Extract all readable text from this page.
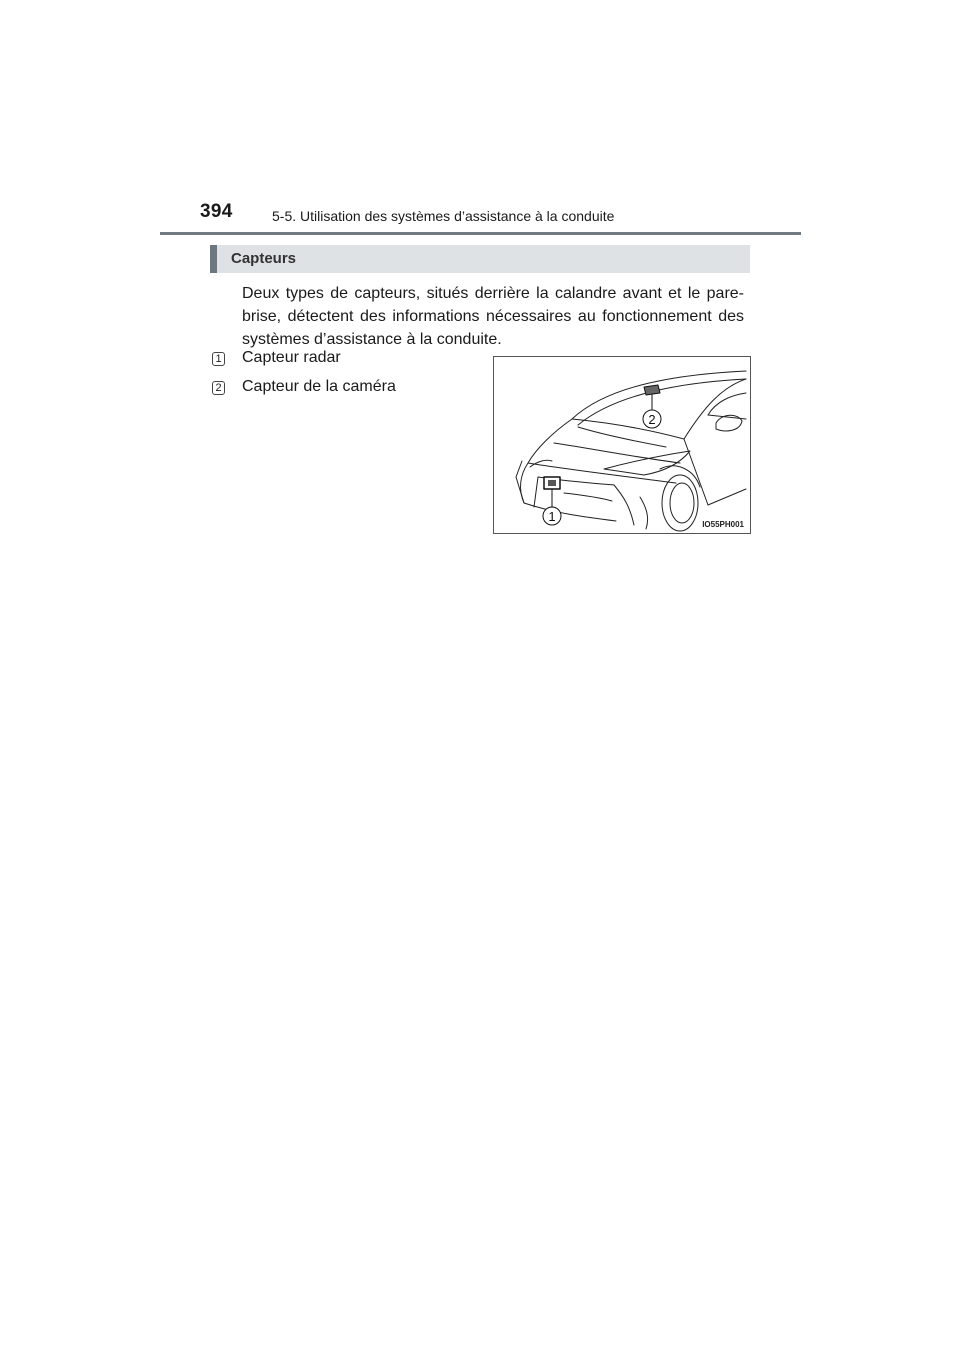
394	5-5. Utilisation des systèmes d’assistance à la conduite
Capteurs

Deux types de capteurs, situés derrière la calandre avant et le pare-brise, détectent des informations nécessaires au fonctionnement des systèmes d’assistance à la conduite.

1 Capteur radar
2 Capteur de la caméra
2
1
IO55PH001
